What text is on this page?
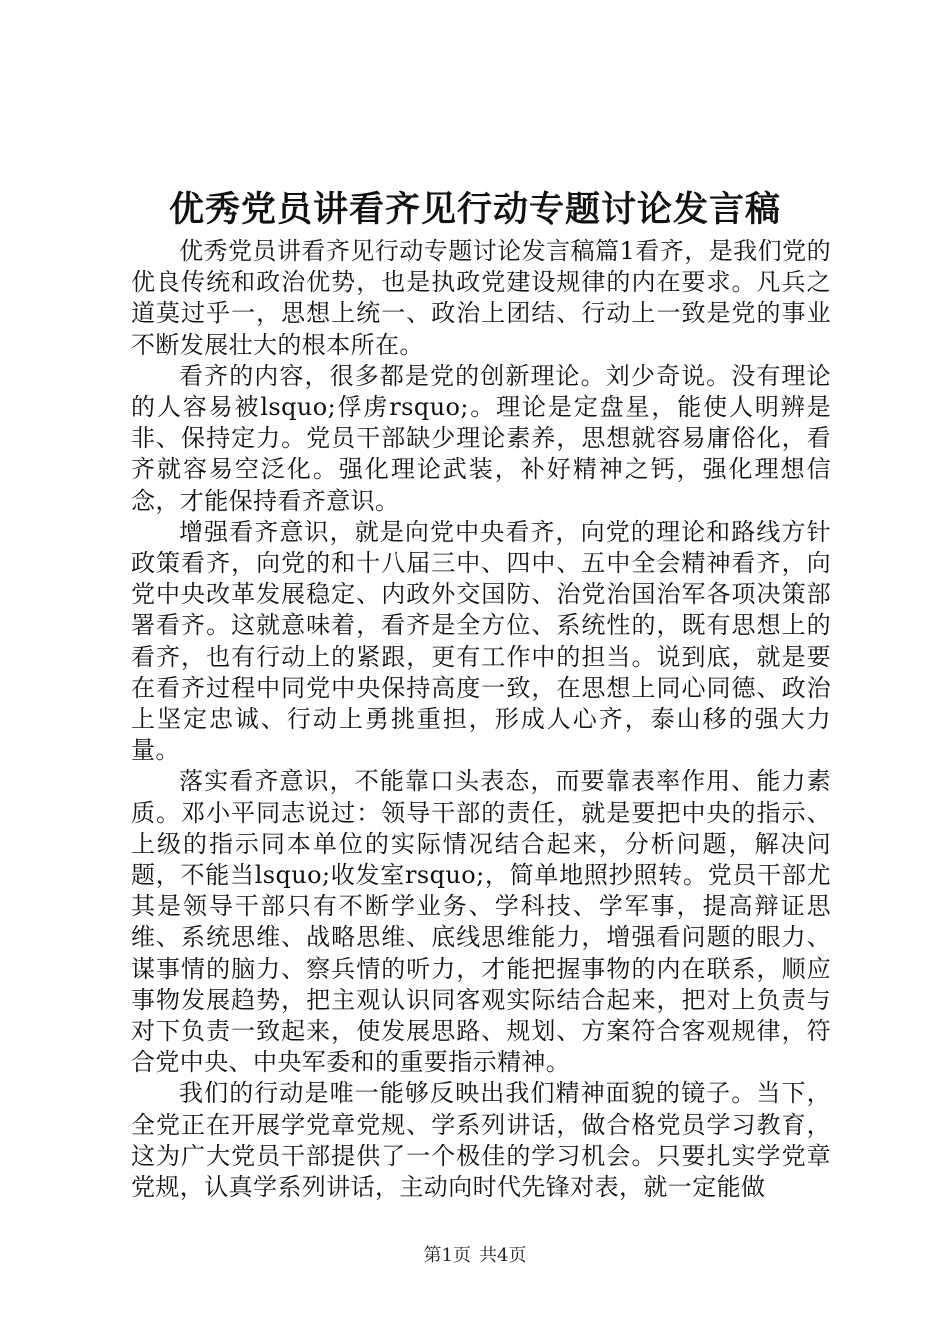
优秀党员讲看齐见行动专题讨论发言稿

优秀党员讲看齐见行动专题讨论发言稿篇1看齐，是我们党的优良传统和政治优势，也是执政党建设规律的内在要求。凡兵之道莫过乎一，思想上统一、政治上团结、行动上一致是党的事业不断发展壮大的根本所在。

看齐的内容，很多都是党的创新理论。刘少奇说。没有理论的人容易被lsquo;俘虏rsquo;。理论是定盘星，能使人明辨是非、保持定力。党员干部缺少理论素养，思想就容易庸俗化，看齐就容易空泛化。强化理论武装，补好精神之钙，强化理想信念，才能保持看齐意识。

增强看齐意识，就是向党中央看齐，向党的理论和路线方针政策看齐，向党的和十八届三中、四中、五中全会精神看齐，向党中央改革发展稳定、内政外交国防、治党治国治军各项决策部署看齐。这就意味着，看齐是全方位、系统性的，既有思想上的看齐，也有行动上的紧跟，更有工作中的担当。说到底，就是要在看齐过程中同党中央保持高度一致，在思想上同心同德、政治上坚定忠诚、行动上勇挑重担，形成人心齐，泰山移的强大力量。

落实看齐意识，不能靠口头表态，而要靠表率作用、能力素质。邓小平同志说过：领导干部的责任，就是要把中央的指示、上级的指示同本单位的实际情况结合起来，分析问题，解决问题，不能当lsquo;收发室rsquo;，简单地照抄照转。党员干部尤其是领导干部只有不断学业务、学科技、学军事，提高辩证思维、系统思维、战略思维、底线思维能力，增强看问题的眼力、谋事情的脑力、察兵情的听力，才能把握事物的内在联系，顺应事物发展趋势，把主观认识同客观实际结合起来，把对上负责与对下负责一致起来，使发展思路、规划、方案符合客观规律，符合党中央、中央军委和的重要指示精神。

我们的行动是唯一能够反映出我们精神面貌的镜子。当下，全党正在开展学党章党规、学系列讲话，做合格党员学习教育，这为广大党员干部提供了一个极佳的学习机会。只要扎实学党章党规，认真学系列讲话，主动向时代先锋对表，就一定能做

第1页 共4页
